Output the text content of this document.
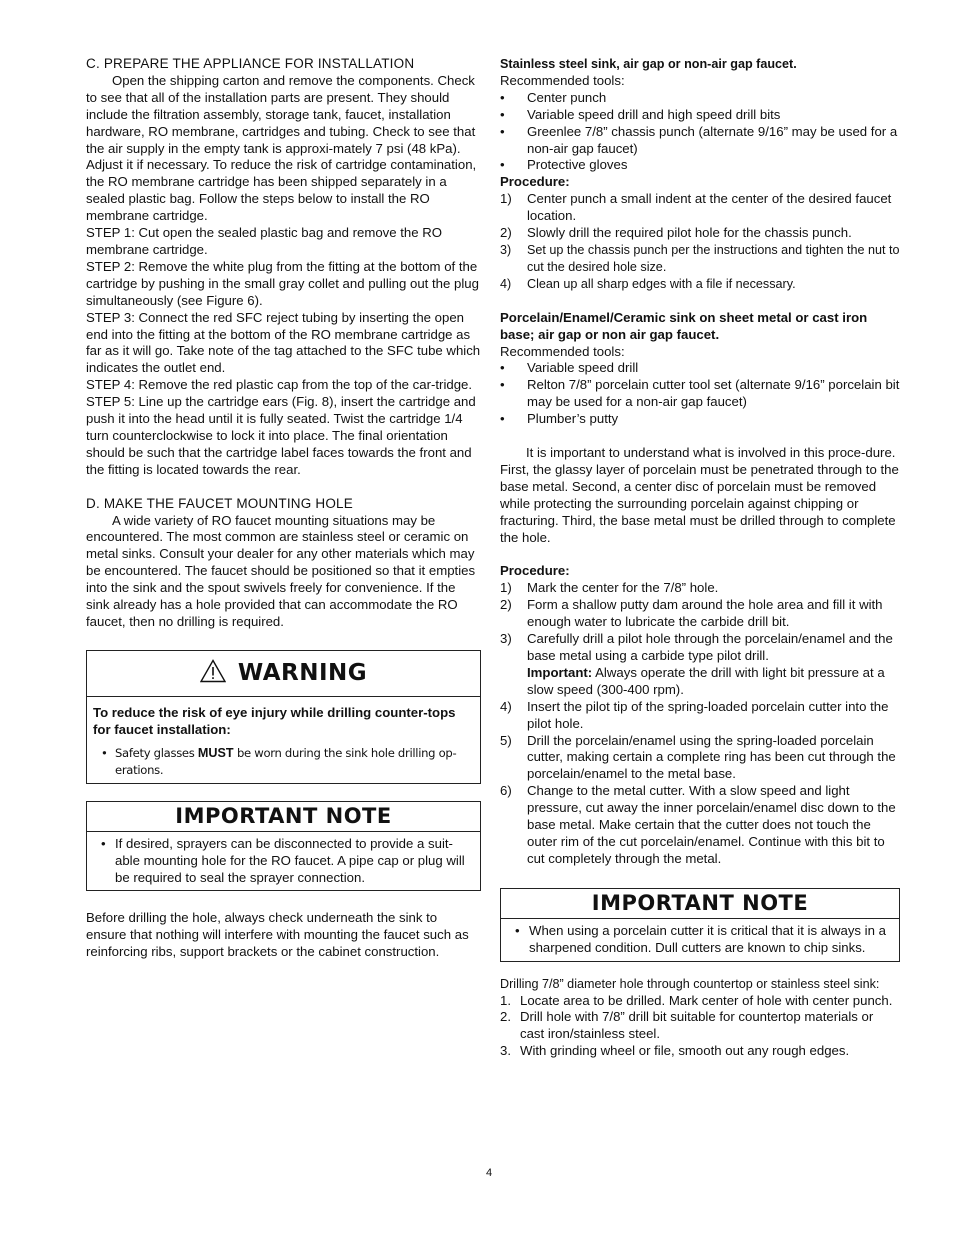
C. PREPARE THE APPLIANCE FOR INSTALLATION

Open the shipping carton and remove the components. Check to see that all of the installation parts are present. They should include the filtration assembly, storage tank, faucet, installation hardware, RO membrane, cartridges and tubing. Check to see that the air supply in the empty tank is approxi-mately 7 psi (48 kPa). Adjust it if necessary. To reduce the risk of cartridge contamination, the RO membrane cartridge has been shipped separately in a sealed plastic bag. Follow the steps below to install the RO membrane cartridge.

STEP 1: Cut open the sealed plastic bag and remove the RO membrane cartridge.

STEP 2: Remove the white plug from the fitting at the bottom of the cartridge by pushing in the small gray collet and pulling out the plug simultaneously (see Figure 6).

STEP 3: Connect the red SFC reject tubing by inserting the open end into the fitting at the bottom of the RO membrane cartridge as far as it will go. Take note of the tag attached to the SFC tube which indicates the outlet end.

STEP 4: Remove the red plastic cap from the top of the car-tridge.

STEP 5: Line up the cartridge ears (Fig. 8), insert the cartridge and push it into the head until it is fully seated. Twist the cartridge 1/4 turn counterclockwise to lock it into place. The final orientation should be such that the cartridge label faces towards the front and the fitting is located towards the rear.

D. MAKE THE FAUCET MOUNTING HOLE

A wide variety of RO faucet mounting situations may be encountered. The most common are stainless steel or ceramic on metal sinks. Consult your dealer for any other materials which may be encountered. The faucet should be positioned so that it empties into the sink and the spout swivels freely for convenience. If the sink already has a hole provided that can accommodate the RO faucet, then no drilling is required.

WARNING

To reduce the risk of eye injury while drilling counter-tops for faucet installation:

• Safety glasses MUST be worn during the sink hole drilling op-erations.
IMPORTANT NOTE
• If desired, sprayers can be disconnected to provide a suit-able mounting hole for the RO faucet. A pipe cap or plug will be required to seal the sprayer connection.

Before drilling the hole, always check underneath the sink to ensure that nothing will interfere with mounting the faucet such as reinforcing ribs, support brackets or the cabinet construction.

Stainless steel sink, air gap or non-air gap faucet.

Recommended tools:

• Center punch
• Variable speed drill and high speed drill bits
• Greenlee 7/8” chassis punch (alternate 9/16” may be used for a non-air gap faucet)
• Protective gloves

Procedure:

1) Center punch a small indent at the center of the desired faucet location.
2) Slowly drill the required pilot hole for the chassis punch.
3) Set up the chassis punch per the instructions and tighten the nut to cut the desired hole size.
4) Clean up all sharp edges with a file if necessary.

Porcelain/Enamel/Ceramic sink on sheet metal or cast iron base; air gap or non air gap faucet.

Recommended tools:

• Variable speed drill
• Relton 7/8” porcelain cutter tool set (alternate 9/16” porcelain bit may be used for a non-air gap faucet)
• Plumber’s putty

It is important to understand what is involved in this proce-dure. First, the glassy layer of porcelain must be penetrated through to the base metal. Second, a center disc of porcelain must be removed while protecting the surrounding porcelain against chipping or fracturing. Third, the base metal must be drilled through to complete the hole.

Procedure:

1) Mark the center for the 7/8” hole.
2) Form a shallow putty dam around the hole area and fill it with enough water to lubricate the carbide drill bit.
3) Carefully drill a pilot hole through the porcelain/enamel and the base metal using a carbide type pilot drill.
Important: Always operate the drill with light bit pressure at a slow speed (300-400 rpm).
4) Insert the pilot tip of the spring-loaded porcelain cutter into the pilot hole.
5) Drill the porcelain/enamel using the spring-loaded porcelain cutter, making certain a complete ring has been cut through the porcelain/enamel to the metal base.
6) Change to the metal cutter. With a slow speed and light pressure, cut away the inner porcelain/enamel disc down to the base metal. Make certain that the cutter does not touch the outer rim of the cut porcelain/enamel. Continue with this bit to cut completely through the metal.
IMPORTANT NOTE
• When using a porcelain cutter it is critical that it is always in a sharpened condition. Dull cutters are known to chip sinks.

Drilling 7/8” diameter hole through countertop or stainless steel sink:

1. Locate area to be drilled. Mark center of hole with center punch.
2. Drill hole with 7/8” drill bit suitable for countertop materials or cast iron/stainless steel.
3. With grinding wheel or file, smooth out any rough edges.
4
